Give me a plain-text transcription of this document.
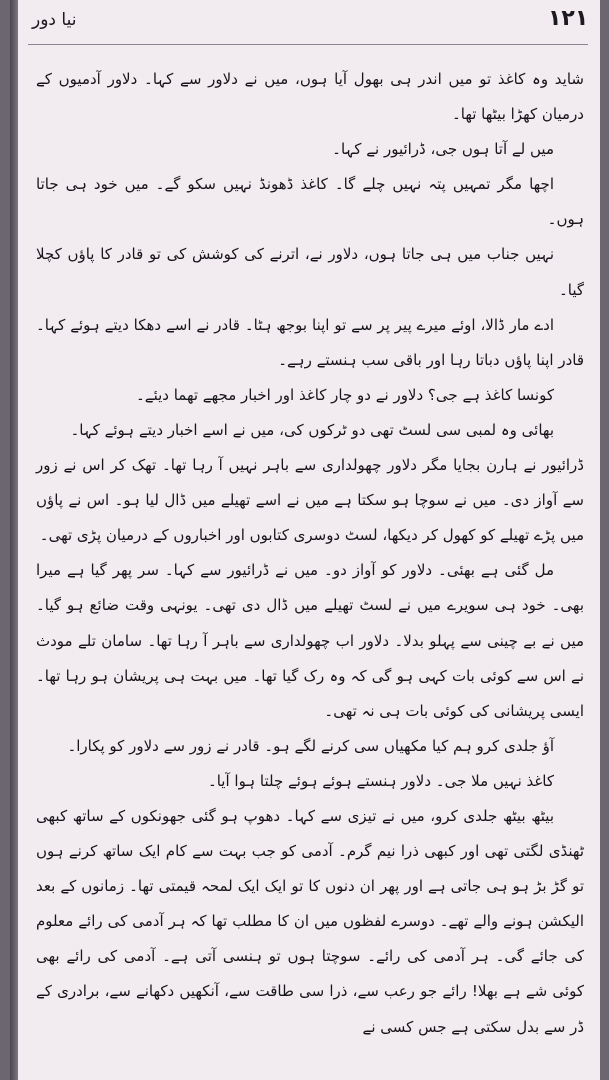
۱۲۱
نیا دور

شاید وہ کاغذ تو میں اندر ہی بھول آیا ہوں، میں نے دلاور سے کہا۔ دلاور آدمیوں کے درمیان کھڑا بیٹھا تھا۔

میں لے آتا ہوں جی، ڈرائیور نے کہا۔

اچھا مگر تمہیں پتہ نہیں چلے گا۔ کاغذ ڈھونڈ نہیں سکو گے۔ میں خود ہی جاتا ہوں۔

نہیں جناب میں ہی جاتا ہوں، دلاور نے، اترنے کی کوشش کی تو قادر کا پاؤں کچلا گیا۔

ادے مار ڈالا، اوئے میرے پیر پر سے تو اپنا بوجھ ہٹا۔ قادر نے اسے دھکا دیتے ہوئے کہا۔ قادر اپنا پاؤں دباتا رہا اور باقی سب ہنستے رہے۔

کونسا کاغذ ہے جی؟ دلاور نے دو چار کاغذ اور اخبار مجھے تھما دیئے۔

بھائی وہ لمبی سی لسٹ تھی دو ٹرکوں کی، میں نے اسے اخبار دیتے ہوئے کہا۔

ڈرائیور نے ہارن بجایا مگر دلاور چھولداری سے باہر نہیں آ رہا تھا۔ تھک کر اس نے زور سے آواز دی۔ میں نے سوچا ہو سکتا ہے میں نے اسے تھیلے میں ڈال لیا ہو۔ اس نے پاؤں میں پڑے تھیلے کو کھول کر دیکھا، لسٹ دوسری کتابوں اور اخباروں کے درمیان پڑی تھی۔

مل گئی ہے بھئی۔ دلاور کو آواز دو۔ میں نے ڈرائیور سے کہا۔ سر پھر گیا ہے میرا بھی۔ خود ہی سویرے میں نے لسٹ تھیلے میں ڈال دی تھی۔ یونہی وقت ضائع ہو گیا۔ میں نے بے چینی سے پہلو بدلا۔ دلاور اب چھولداری سے باہر آ رہا تھا۔ سامان تلے مودث نے اس سے کوئی بات کہی ہو گی کہ وہ رک گیا تھا۔ میں بہت ہی پریشان ہو رہا تھا۔ ایسی پریشانی کی کوئی بات ہی نہ تھی۔

آؤ جلدی کرو ہم کیا مکھیاں سی کرنے لگے ہو۔ قادر نے زور سے دلاور کو پکارا۔

کاغذ نہیں ملا جی۔ دلاور ہنستے ہوئے ہوئے چلتا ہوا آیا۔

بیٹھ بیٹھ جلدی کرو، میں نے تیزی سے کہا۔ دھوپ ہو گئی جھونکوں کے ساتھ کبھی ٹھنڈی لگتی تھی اور کبھی ذرا نیم گرم۔ آدمی کو جب بہت سے کام ایک ساتھ کرنے ہوں تو گڑ بڑ ہو ہی جاتی ہے اور پھر ان دنوں کا تو ایک ایک لمحہ قیمتی تھا۔ زمانوں کے بعد الیکشن ہونے والے تھے۔ دوسرے لفظوں میں ان کا مطلب تھا کہ ہر آدمی کی رائے معلوم کی جائے گی۔ ہر آدمی کی رائے۔ سوچتا ہوں تو ہنسی آتی ہے۔ آدمی کی رائے بھی کوئی شے ہے بھلا! رائے جو رعب سے، ذرا سی طاقت سے، آنکھیں دکھانے سے، برادری کے ڈر سے بدل سکتی ہے جس کسی نے
